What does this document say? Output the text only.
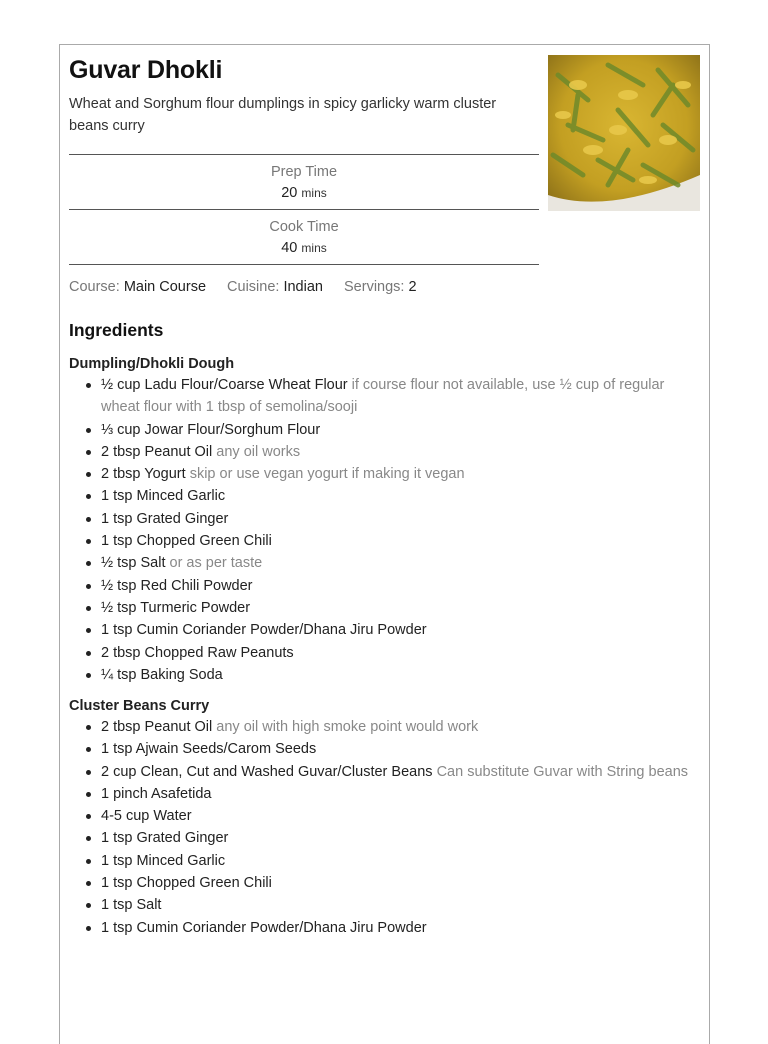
Guvar Dhokli

Wheat and Sorghum flour dumplings in spicy garlicky warm cluster beans curry

Prep Time
20 mins
Cook Time
40 mins
Course: Main Course Cuisine: Indian Servings: 2
Ingredients
Dumpling/Dhokli Dough
½ cup Ladu Flour/Coarse Wheat Flour if course flour not available, use ½ cup of regular wheat flour with 1 tbsp of semolina/sooji
⅓ cup Jowar Flour/Sorghum Flour
2 tbsp Peanut Oil any oil works
2 tbsp Yogurt skip or use vegan yogurt if making it vegan
1 tsp Minced Garlic
1 tsp Grated Ginger
1 tsp Chopped Green Chili
½ tsp Salt or as per taste
½ tsp Red Chili Powder
½ tsp Turmeric Powder
1 tsp Cumin Coriander Powder/Dhana Jiru Powder
2 tbsp Chopped Raw Peanuts
¼ tsp Baking Soda
Cluster Beans Curry
2 tbsp Peanut Oil any oil with high smoke point would work
1 tsp Ajwain Seeds/Carom Seeds
2 cup Clean, Cut and Washed Guvar/Cluster Beans Can substitute Guvar with String beans
1 pinch Asafetida
4-5 cup Water
1 tsp Grated Ginger
1 tsp Minced Garlic
1 tsp Chopped Green Chili
1 tsp Salt
1 tsp Cumin Coriander Powder/Dhana Jiru Powder
